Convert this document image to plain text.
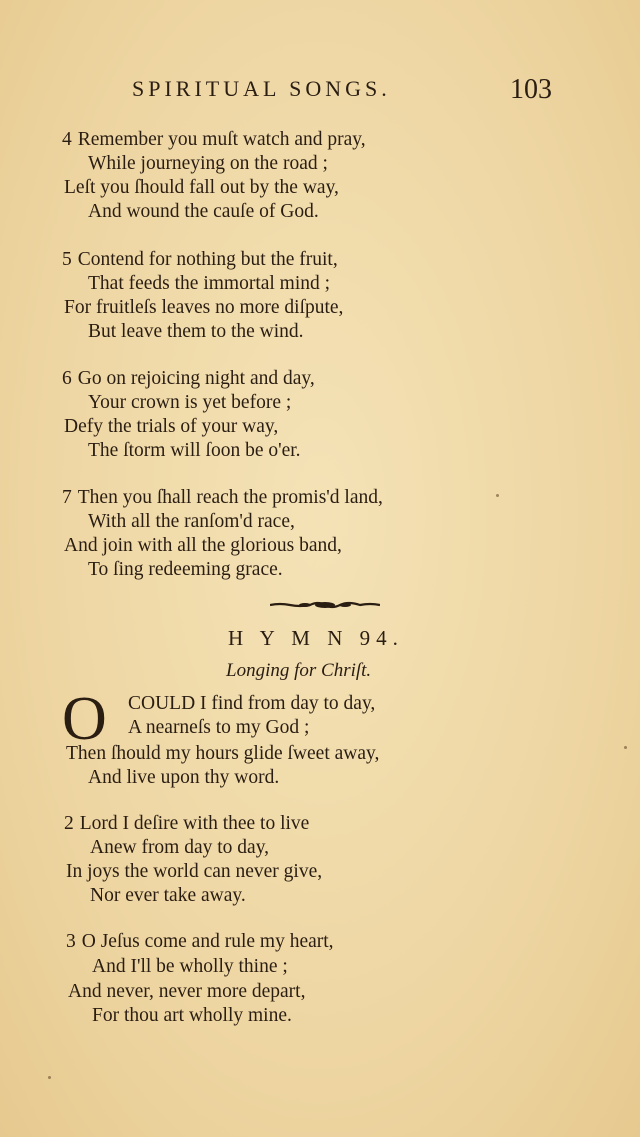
SPIRITUAL SONGS.	103
4 Remember you muſt watch and pray,
While journeying on the road ;
Leſt you ſhould fall out by the way,
And wound the cauſe of God.
5 Contend for nothing but the fruit,
That feeds the immortal mind ;
For fruitleſs leaves no more diſpute,
But leave them to the wind.
6 Go on rejoicing night and day,
Your crown is yet before ;
Defy the trials of your way,
The ſtorm will ſoon be o'er.
7 Then you ſhall reach the promis'd land,
With all the ranſom'd race,
And join with all the glorious band,
To ſing redeeming grace.
H Y M N 94.
Longing for Chriſt.
O COULD I find from day to day,
A nearneſs to my God ;
Then ſhould my hours glide ſweet away,
And live upon thy word.
2 Lord I deſire with thee to live
Anew from day to day,
In joys the world can never give,
Nor ever take away.
3 O Jeſus come and rule my heart,
And I'll be wholly thine ;
And never, never more depart,
For thou art wholly mine.
